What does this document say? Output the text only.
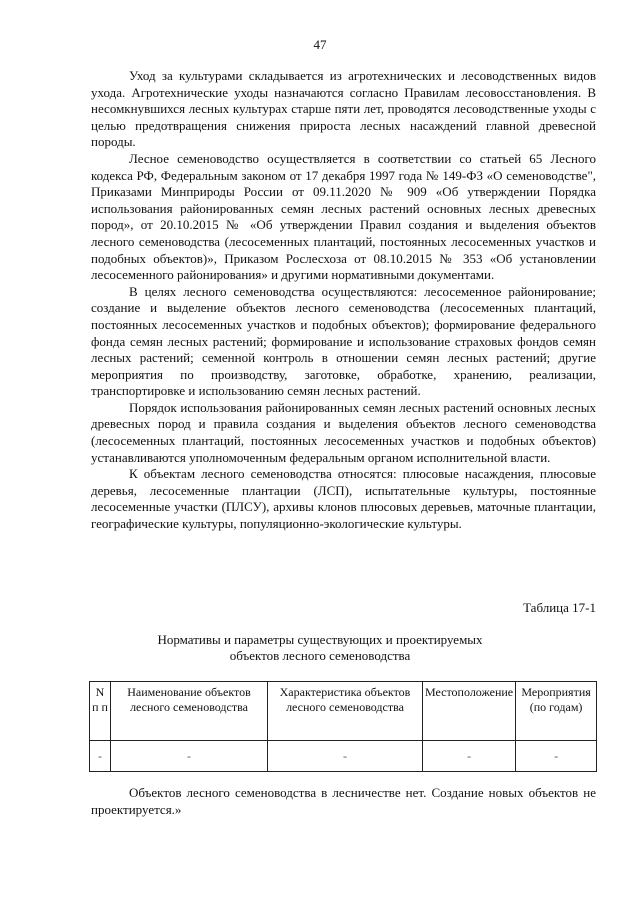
47

Уход за культурами складывается из агротехнических и лесоводственных видов ухода. Агротехнические уходы назначаются согласно Правилам лесовосстановления. В несомкнувшихся лесных культурах старше пяти лет, проводятся лесоводственные уходы с целью предотвращения снижения прироста лесных насаждений главной древесной породы.

Лесное семеноводство осуществляется в соответствии со статьей 65 Лесного кодекса РФ, Федеральным законом от 17 декабря 1997 года № 149-ФЗ «О семеноводстве", Приказами Минприроды России от 09.11.2020 № 909 «Об утверждении Порядка использования районированных семян лесных растений основных лесных древесных пород», от 20.10.2015 № «Об утверждении Правил создания и выделения объектов лесного семеноводства (лесосеменных плантаций, постоянных лесосеменных участков и подобных объектов)», Приказом Рослесхоза от 08.10.2015 № 353 «Об установлении лесосеменного районирования» и другими нормативными документами.

В целях лесного семеноводства осуществляются: лесосеменное районирование; создание и выделение объектов лесного семеноводства (лесосеменных плантаций, постоянных лесосеменных участков и подобных объектов); формирование федерального фонда семян лесных растений; формирование и использование страховых фондов семян лесных растений; семенной контроль в отношении семян лесных растений; другие мероприятия по производству, заготовке, обработке, хранению, реализации, транспортировке и использованию семян лесных растений.

Порядок использования районированных семян лесных растений основных лесных древесных пород и правила создания и выделения объектов лесного семеноводства (лесосеменных плантаций, постоянных лесосеменных участков и подобных объектов) устанавливаются уполномоченным федеральным органом исполнительной власти.

К объектам лесного семеноводства относятся: плюсовые насаждения, плюсовые деревья, лесосеменные плантации (ЛСП), испытательные культуры, постоянные лесосеменные участки (ПЛСУ), архивы клонов плюсовых деревьев, маточные плантации, географические культуры, популяционно-экологические культуры.

Таблица 17-1
Нормативы и параметры существующих и проектируемых
объектов лесного семеноводства
N п п	Наименование объектов лесного семеноводства	Характеристика объектов лесного семеноводства	Местоположение	Мероприятия (по годам)
-	-	-	-	-

Объектов лесного семеноводства в лесничестве нет. Создание новых объектов не проектируется.»
